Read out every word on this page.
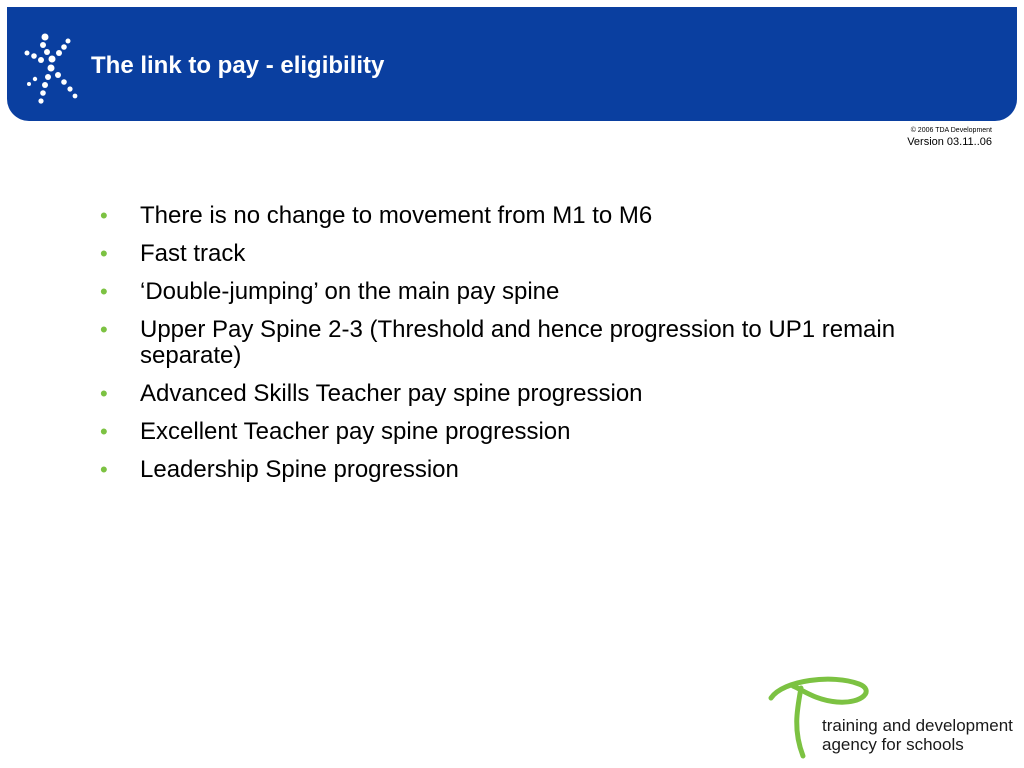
The link to pay - eligibility
© 2006 TDA Development
Version 03.11..06
• There is no change to movement from M1 to M6
• Fast track
• ‘Double-jumping’ on the main pay spine
• Upper Pay Spine 2-3 (Threshold and hence progression to UP1 remain separate)
• Advanced Skills Teacher pay spine progression
• Excellent Teacher pay spine progression
• Leadership Spine progression
training and development
agency for schools
